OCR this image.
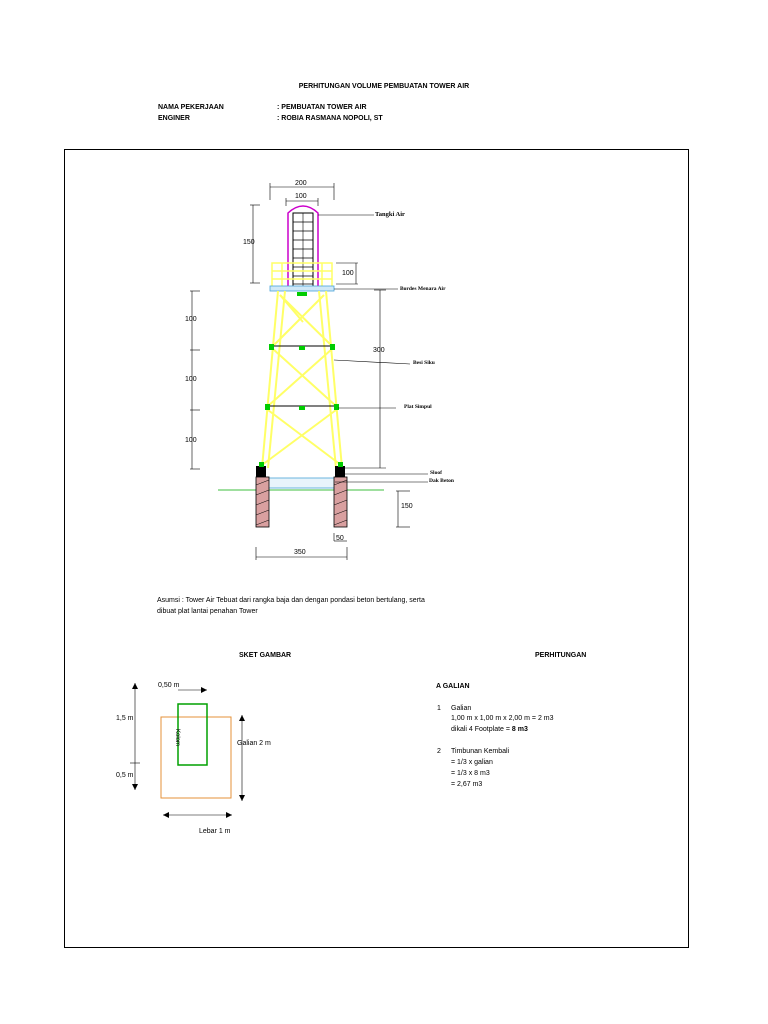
PERHITUNGAN VOLUME PEMBUATAN TOWER AIR
NAMA PEKERJAAN	: PEMBUATAN TOWER AIR
ENGINER	: ROBIA RASMANA NOPOLI, ST
200
100
150
100
300
100
100
100
150
50
350
Tangki Air
Bordes Menara Air
Besi Siku
Plat Simpul
Sloof
Dak Beton
Asumsi : Tower Air Tebuat dari rangka baja dan dengan pondasi beton bertulang, serta
dibuat plat lantai penahan Tower
SKET GAMBAR
0,50 m
1,5 m
0,5 m
Kolom	Galian 2 m
Lebar 1 m
PERHITUNGAN
A GALIAN
1 Galian
1,00 m x 1,00 m x 2,00 m = 2 m3
dikali 4 Footplate = 8 m3
2 Timbunan Kembali
= 1/3 x galian
= 1/3 x 8 m3
= 2,67 m3
